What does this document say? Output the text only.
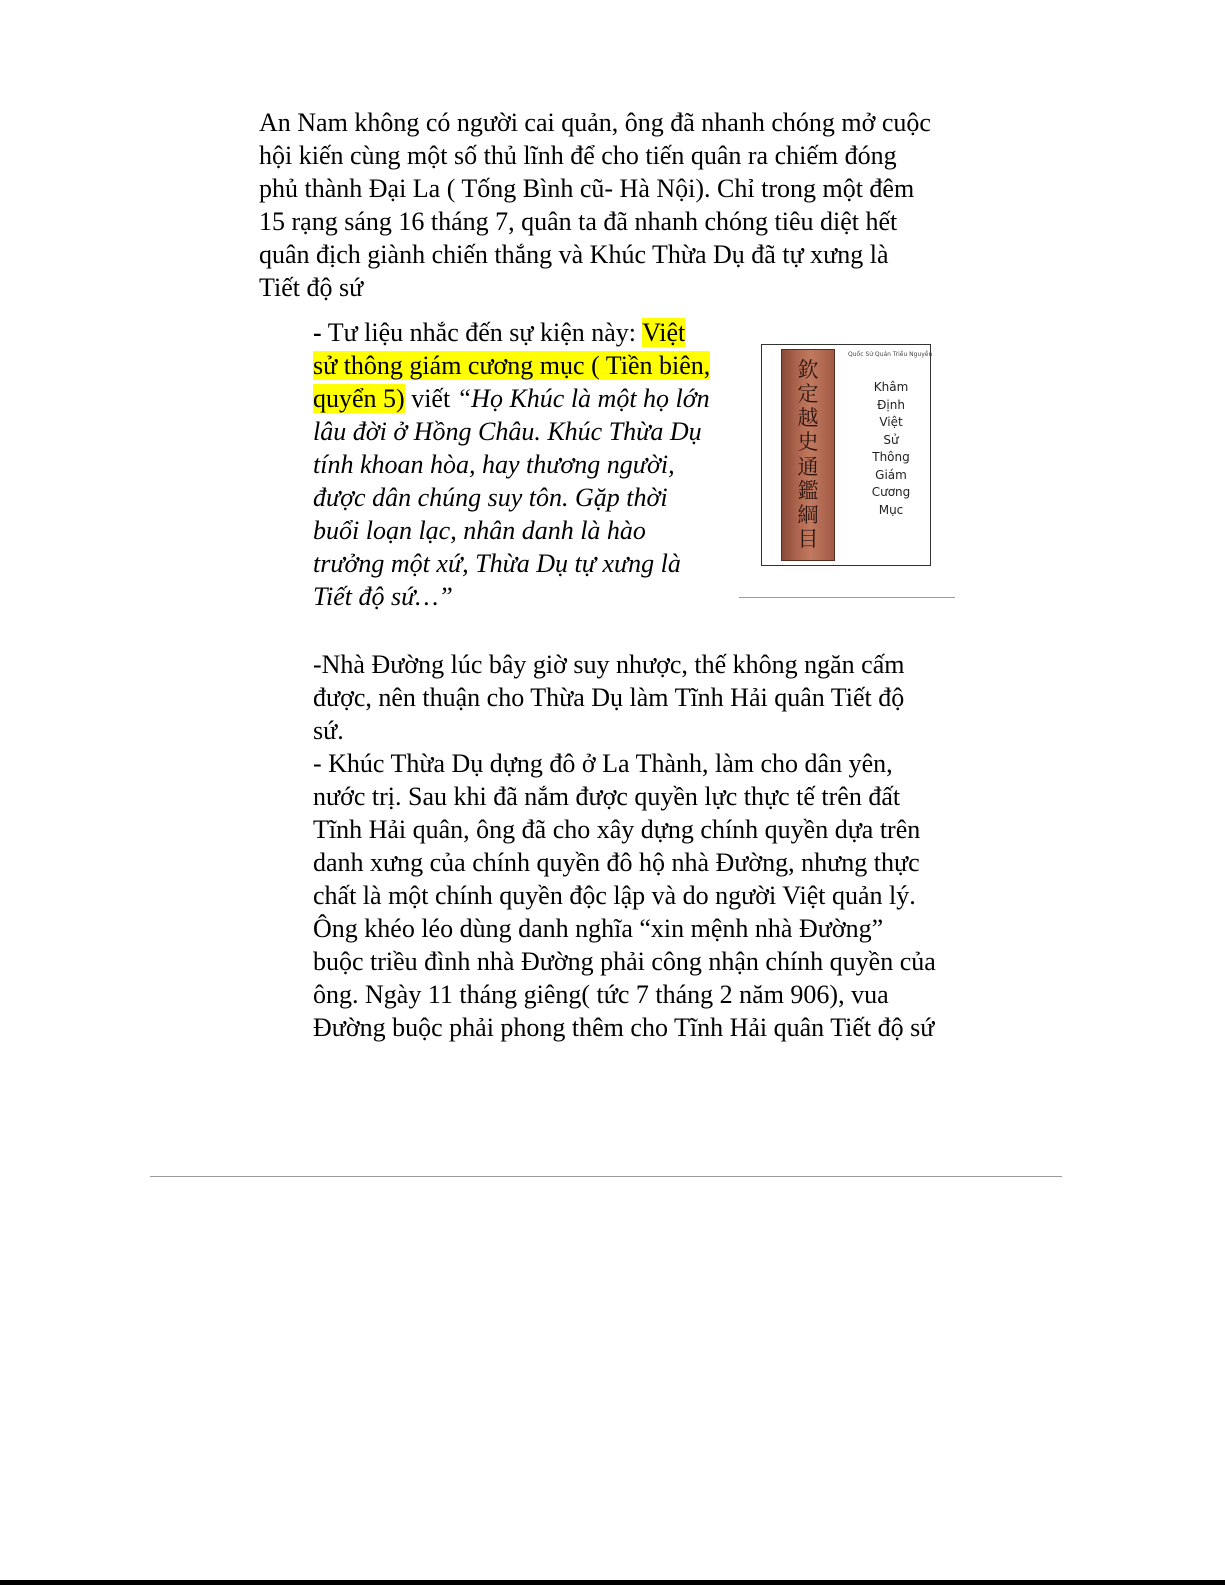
An Nam không có người cai quản, ông đã nhanh chóng mở cuộc
hội kiến cùng một số thủ lĩnh để cho tiến quân ra chiếm đóng
phủ thành Đại La ( Tống Bình cũ- Hà Nội). Chỉ trong một đêm
15 rạng sáng 16 tháng 7, quân ta đã nhanh chóng tiêu diệt hết
quân địch giành chiến thắng và Khúc Thừa Dụ đã tự xưng là
Tiết độ sứ
- Tư liệu nhắc đến sự kiện này: Việt
sử thông giám cương mục ( Tiền biên,
quyển 5) viết “Họ Khúc là một họ lớn
lâu đời ở Hồng Châu. Khúc Thừa Dụ
tính khoan hòa, hay thương người,
được dân chúng suy tôn. Gặp thời
buổi loạn lạc, nhân danh là hào
trưởng một xứ, Thừa Dụ tự xưng là
Tiết độ sứ…”
欽
定
越
史
通
鑑
綱
目
Quốc Sử Quán Triều Nguyễn
Khâm
Định
Việt
Sử
Thông
Giám
Cương
Mục
-Nhà Đường lúc bây giờ suy nhược, thế không ngăn cấm
được, nên thuận cho Thừa Dụ làm Tĩnh Hải quân Tiết độ
sứ.
- Khúc Thừa Dụ dựng đô ở La Thành, làm cho dân yên,
nước trị. Sau khi đã nắm được quyền lực thực tế trên đất
Tĩnh Hải quân, ông đã cho xây dựng chính quyền dựa trên
danh xưng của chính quyền đô hộ nhà Đường, nhưng thực
chất là một chính quyền độc lập và do người Việt quản lý.
Ông khéo léo dùng danh nghĩa “xin mệnh nhà Đường”
buộc triều đình nhà Đường phải công nhận chính quyền của
ông. Ngày 11 tháng giêng( tức 7 tháng 2 năm 906), vua
Đường buộc phải phong thêm cho Tĩnh Hải quân Tiết độ sứ
